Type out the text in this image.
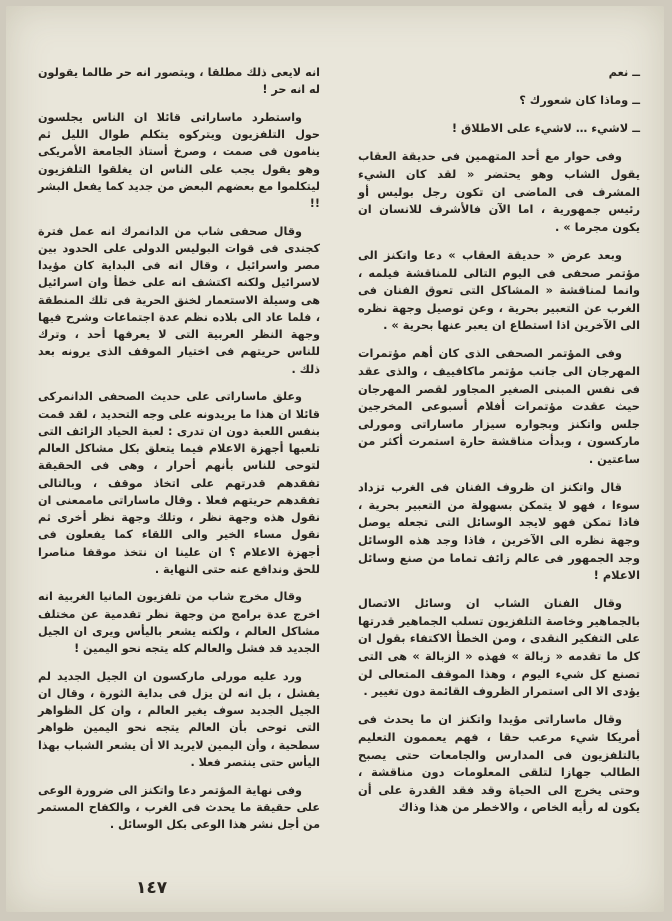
ــ نعم

ــ وماذا كان شعورك ؟

ــ لاشيء … لاشيء على الاطلاق !

وفى حوار مع أحد المتهمين فى حديقة العقاب يقول الشاب وهو يحتضر « لقد كان الشيء المشرف فى الماضى ان تكون رجل بوليس أو رئيس جمهورية ، اما الآن فالأشرف للانسان ان يكون مجرما » .

وبعد عرض « حديقة العقاب » دعا واتكنز الى مؤتمر صحفى فى اليوم التالى للمناقشة فيلمه ، وانما لمناقشة « المشاكل التى تعوق الفنان فى الغرب عن التعبير بحرية ، وعن توصيل وجهة نظره الى الآخرين اذا استطاع ان يعبر عنها بحرية » .

وفى المؤتمر الصحفى الذى كان أهم مؤتمرات المهرجان الى جانب مؤتمر ماكافييف ، والذى عقد فى نفس المبنى الصغير المجاور لقصر المهرجان حيث عقدت مؤتمرات أفلام أسبوعى المخرجين جلس واتكنز وبجواره سيزار ماساراتى ومورلى ماركسون ، وبدأت مناقشة حارة استمرت أكثر من ساعتين .

قال واتكنز ان ظروف الفنان فى الغرب تزداد سوءا ، فهو لا يتمكن بسهولة من التعبير بحرية ، فاذا تمكن فهو لايجد الوسائل التى تجعله يوصل وجهة نظره الى الآخرين ، فاذا وجد هذه الوسائل وجد الجمهور فى عالم زائف تماما من صنع وسائل الاعلام !

وقال الفنان الشاب ان وسائل الاتصال بالجماهير وخاصة التلفزيون تسلب الجماهير قدرتها على التفكير النقدى ، ومن الخطأ الاكتفاء بقول ان كل ما تقدمه « زبالة » فهذه « الزبالة » هى التى تصنع كل شيء اليوم ، وهذا الموقف المتعالى لن يؤدى الا الى استمرار الظروف القائمة دون تغيير .

وقال ماساراتى مؤيدا واتكنز ان ما يحدث فى أمريكا شيء مرعب حقا ، فهم يعممون التعليم بالتلفزيون فى المدارس والجامعات حتى يصبح الطالب جهازا لتلقى المعلومات دون مناقشة ، وحتى يخرج الى الحياة وقد فقد القدرة على أن يكون له رأيه الخاص ، والاخطر من هذا وذاك

انه لايعى ذلك مطلقا ، ويتصور انه حر طالما يقولون له انه حر !

واستطرد ماساراتى قائلا ان الناس يجلسون حول التلفزيون ويتركوه يتكلم طوال الليل ثم ينامون فى صمت ، وصرخ أستاذ الجامعة الأمريكى وهو يقول يجب على الناس ان يغلقوا التلفزيون ليتكلموا مع بعضهم البعض من جديد كما يفعل البشر !!

وقال صحفى شاب من الدانمرك انه عمل فترة كجندى فى قوات البوليس الدولى على الحدود بين مصر واسرائيل ، وقال انه فى البداية كان مؤيدا لاسرائيل ولكنه اكتشف انه على خطأ وان اسرائيل هى وسيلة الاستعمار لخنق الحرية فى تلك المنطقة ، فلما عاد الى بلاده نظم عدة اجتماعات وشرح فيها وجهة النظر العربية التى لا يعرفها أحد ، وترك للناس حريتهم فى اختيار الموقف الذى يرونه بعد ذلك .

وعلق ماساراتى على حديث الصحفى الدانمركى قائلا ان هذا ما يريدونه على وجه التحديد ، لقد قمت بنفس اللعبة دون ان تدرى : لعبة الحياد الزائف التى تلعبها أجهزة الاعلام فيما يتعلق بكل مشاكل العالم لتوحى للناس بأنهم أحرار ، وهى فى الحقيقة تفقدهم قدرتهم على اتخاذ موقف ، وبالتالى تفقدهم حريتهم فعلا . وقال ماساراتى ماممعنى ان نقول هذه وجهة نظر ، وتلك وجهة نظر أخرى ثم نقول مساء الخير والى اللقاء كما يفعلون فى أجهزة الاعلام ؟ ان علينا ان نتخذ موقفا مناصرا للحق وندافع عنه حتى النهاية .

وقال مخرج شاب من تلفزيون المانيا الغربية انه اخرج عدة برامج من وجهة نظر تقدمية عن مختلف مشاكل العالم ، ولكنه يشعر باليأس ويرى ان الجيل الجديد قد فشل والعالم كله يتجه نحو اليمين !

ورد عليه مورلى ماركسون ان الجيل الجديد لم يفشل ، بل انه لن يزل فى بداية الثورة ، وقال ان الجيل الجديد سوف يغير العالم ، وان كل الظواهر التى توحى بأن العالم يتجه نحو اليمين ظواهر سطحية ، وأن اليمين لايريد الا أن يشعر الشباب بهذا اليأس حتى ينتصر فعلا .

وفى نهاية المؤتمر دعا واتكنز الى ضرورة الوعى على حقيقة ما يحدث فى الغرب ، والكفاح المستمر من أجل نشر هذا الوعى بكل الوسائل .

١٤٧
